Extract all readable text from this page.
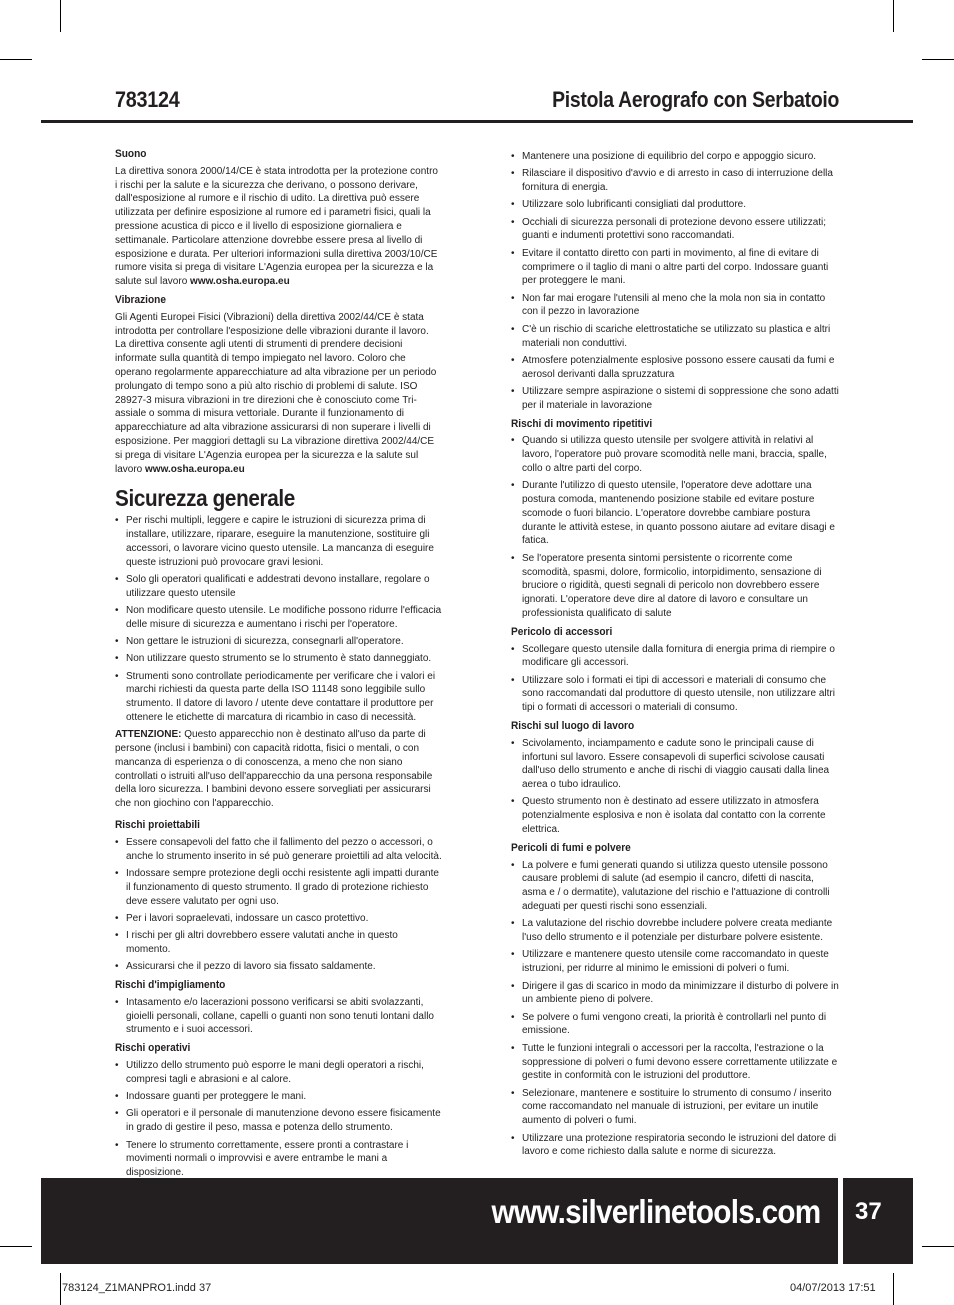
783124	Pistola Aerografo con Serbatoio
Suono
La direttiva sonora 2000/14/CE è stata introdotta per la protezione contro i rischi per la salute e la sicurezza che derivano, o possono derivare, dall'esposizione al rumore e il rischio di udito. La direttiva può essere utilizzata per definire esposizione al rumore ed i parametri fisici, quali la pressione acustica di picco e il livello di esposizione giornaliera e settimanale. Particolare attenzione dovrebbe essere presa al livello di esposizione e durata. Per ulteriori informazioni sulla direttiva 2003/10/CE rumore visita si prega di visitare L'Agenzia europea per la sicurezza e la salute sul lavoro www.osha.europa.eu
Vibrazione
Gli Agenti Europei Fisici (Vibrazioni) della direttiva 2002/44/CE è stata introdotta per controllare l'esposizione delle vibrazioni durante il lavoro. La direttiva consente agli utenti di strumenti di prendere decisioni informate sulla quantità di tempo impiegato nel lavoro. Coloro che operano regolarmente apparecchiature ad alta vibrazione per un periodo prolungato di tempo sono a più alto rischio di problemi di salute. ISO 28927-3 misura vibrazioni in tre direzioni che è conosciuto come Tri-assiale o somma di misura vettoriale. Durante il funzionamento di apparecchiature ad alta vibrazione assicurarsi di non superare i livelli di esposizione. Per maggiori dettagli su La vibrazione direttiva 2002/44/CE si prega di visitare L'Agenzia europea per la sicurezza e la salute sul lavoro www.osha.europa.eu
Sicurezza generale
• Per rischi multipli, leggere e capire le istruzioni di sicurezza prima di installare, utilizzare, riparare, eseguire la manutenzione, sostituire gli accessori, o lavorare vicino questo utensile. La mancanza di eseguire queste istruzioni può provocare gravi lesioni.
• Solo gli operatori qualificati e addestrati devono installare, regolare o utilizzare questo utensile
• Non modificare questo utensile. Le modifiche possono ridurre l'efficacia delle misure di sicurezza e aumentano i rischi per l'operatore.
• Non gettare le istruzioni di sicurezza, consegnarli all'operatore.
• Non utilizzare questo strumento se lo strumento è stato danneggiato.
• Strumenti sono controllate periodicamente per verificare che i valori ei marchi richiesti da questa parte della ISO 11148 sono leggibile sullo strumento. Il datore di lavoro / utente deve contattare il produttore per ottenere le etichette di marcatura di ricambio in caso di necessità.
ATTENZIONE: Questo apparecchio non è destinato all'uso da parte di persone (inclusi i bambini) con capacità ridotta, fisici o mentali, o con mancanza di esperienza o di conoscenza, a meno che non siano controllati o istruiti all'uso dell'apparecchio da una persona responsabile della loro sicurezza. I bambini devono essere sorvegliati per assicurarsi che non giochino con l'apparecchio.
Rischi proiettabili
• Essere consapevoli del fatto che il fallimento del pezzo o accessori, o anche lo strumento inserito in sé può generare proiettili ad alta velocità.
• Indossare sempre protezione degli occhi resistente agli impatti durante il funzionamento di questo strumento. Il grado di protezione richiesto deve essere valutato per ogni uso.
• Per i lavori sopraelevati, indossare un casco protettivo.
• I rischi per gli altri dovrebbero essere valutati anche in questo momento.
• Assicurarsi che il pezzo di lavoro sia fissato saldamente.
Rischi d'impigliamento
• Intasamento e/o lacerazioni possono verificarsi se abiti svolazzanti, gioielli personali, collane, capelli o guanti non sono tenuti lontani dallo strumento e i suoi accessori.
Rischi operativi
• Utilizzo dello strumento può esporre le mani degli operatori a rischi, compresi tagli e abrasioni e al calore.
• Indossare guanti per proteggere le mani.
• Gli operatori e il personale di manutenzione devono essere fisicamente in grado di gestire il peso, massa e potenza dello strumento.
• Tenere lo strumento correttamente, essere pronti a contrastare i movimenti normali o improvvisi e avere entrambe le mani a disposizione.
• Mantenere una posizione di equilibrio del corpo e appoggio sicuro.
• Rilasciare il dispositivo d'avvio e di arresto in caso di interruzione della fornitura di energia.
• Utilizzare solo lubrificanti consigliati dal produttore.
• Occhiali di sicurezza personali di protezione devono essere utilizzati; guanti e indumenti protettivi sono raccomandati.
• Evitare il contatto diretto con parti in movimento, al fine di evitare di comprimere o il taglio di mani o altre parti del corpo. Indossare guanti per proteggere le mani.
• Non far mai erogare l'utensili al meno che la mola non sia in contatto con il pezzo in lavorazione
• C'è un rischio di scariche elettrostatiche se utilizzato su plastica e altri materiali non conduttivi.
• Atmosfere potenzialmente esplosive possono essere causati da fumi e aerosol derivanti dalla spruzzatura
• Utilizzare sempre aspirazione o sistemi di soppressione che sono adatti per il materiale in lavorazione
Rischi di movimento ripetitivi
• Quando si utilizza questo utensile per svolgere attività in relativi al lavoro, l'operatore può provare scomodità nelle mani, braccia, spalle, collo o altre parti del corpo.
• Durante l'utilizzo di questo utensile, l'operatore deve adottare una postura comoda, mantenendo posizione stabile ed evitare posture scomode o fuori bilancio. L'operatore dovrebbe cambiare postura durante le attività estese, in quanto possono aiutare ad evitare disagi e fatica.
• Se l'operatore presenta sintomi persistente o ricorrente come scomodità, spasmi, dolore, formicolio, intorpidimento, sensazione di bruciore o rigidità, questi segnali di pericolo non dovrebbero essere ignorati. L'operatore deve dire al datore di lavoro e consultare un professionista qualificato di salute
Pericolo di accessori
• Scollegare questo utensile dalla fornitura di energia prima di riempire o modificare gli accessori.
• Utilizzare solo i formati ei tipi di accessori e materiali di consumo che sono raccomandati dal produttore di questo utensile, non utilizzare altri tipi o formati di accessori o materiali di consumo.
Rischi sul luogo di lavoro
• Scivolamento, inciampamento e cadute sono le principali cause di infortuni sul lavoro. Essere consapevoli di superfici scivolose causati dall'uso dello strumento e anche di rischi di viaggio causati dalla linea aerea o tubo idraulico.
• Questo strumento non è destinato ad essere utilizzato in atmosfera potenzialmente esplosiva e non è isolata dal contatto con la corrente elettrica.
Pericoli di fumi e polvere
• La polvere e fumi generati quando si utilizza questo utensile possono causare problemi di salute (ad esempio il cancro, difetti di nascita, asma e / o dermatite), valutazione del rischio e l'attuazione di controlli adeguati per questi rischi sono essenziali.
• La valutazione del rischio dovrebbe includere polvere creata mediante l'uso dello strumento e il potenziale per disturbare polvere esistente.
• Utilizzare e mantenere questo utensile come raccomandato in queste istruzioni, per ridurre al minimo le emissioni di polveri o fumi.
• Dirigere il gas di scarico in modo da minimizzare il disturbo di polvere in un ambiente pieno di polvere.
• Se polvere o fumi vengono creati, la priorità è controllarli nel punto di emissione.
• Tutte le funzioni integrali o accessori per la raccolta, l'estrazione o la soppressione di polveri o fumi devono essere correttamente utilizzate e gestite in conformità con le istruzioni del produttore.
• Selezionare, mantenere e sostituire lo strumento di consumo / inserito come raccomandato nel manuale di istruzioni, per evitare un inutile aumento di polveri o fumi.
• Utilizzare una protezione respiratoria secondo le istruzioni del datore di lavoro e come richiesto dalla salute e norme di sicurezza.
www.silverlinetools.com 37
783124_Z1MANPRO1.indd 37	04/07/2013 17:51
